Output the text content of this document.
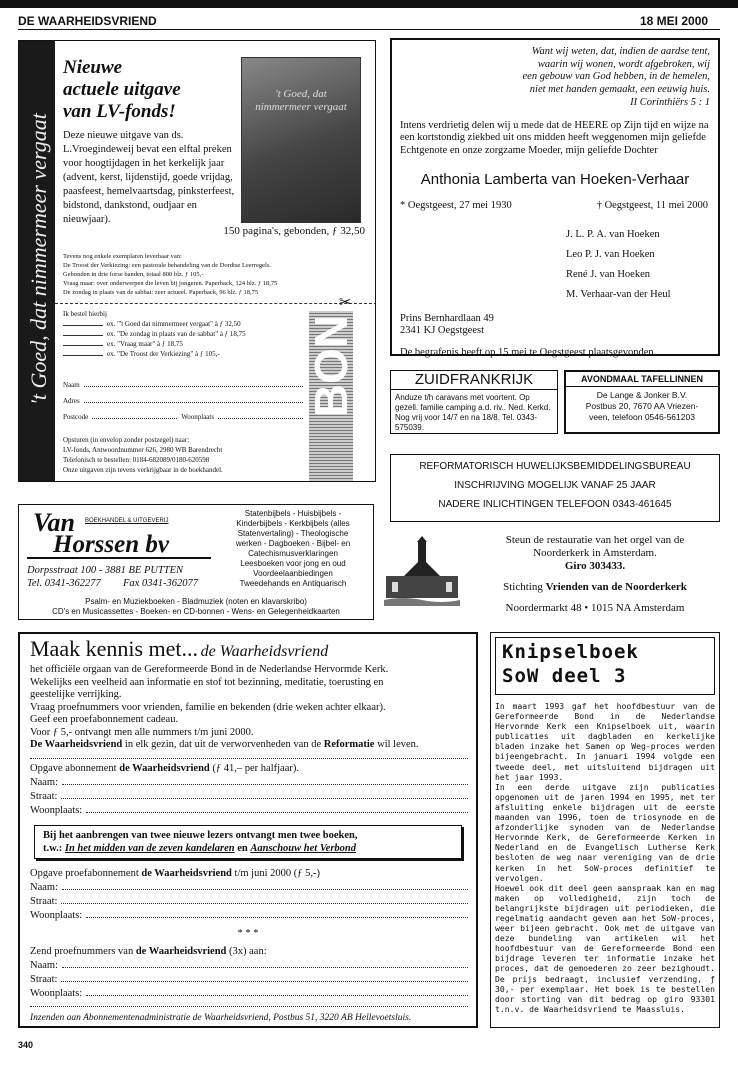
DE WAARHEIDSVRIEND	18 MEI 2000
't Goed, dat nimmermeer vergaat
Nieuwe
actuele uitgave
van LV-fonds!
't Goed, dat nimmermeer vergaat
Deze nieuwe uitgave van ds. L.Vroegindeweij bevat een elftal preken voor hoogtijdagen in het kerkelijk jaar (advent, kerst, lijdenstijd, goede vrijdag, paasfeest, hemelvaartsdag, pinksterfeest, bidstond, dankstond, oudjaar en nieuwjaar).
150 pagina's, gebonden, ƒ 32,50
Tevens nog enkele exemplaren leverbaar van:
De Troost der Verkiezing: een pastorale behandeling van de Dordtse Leerregels.
Gebonden in drie forse banden, totaal 800 blz. ƒ 105,-
Vraag maar: over onderwerpen die leven bij jongeren. Paperback, 124 blz. ƒ 18,75
De zondag in plaats van de sabbat: zeer actueel. Paperback, 96 blz. ƒ 18,75
✂
Ik bestel hierbij
ex. "'t Goed dat nimmermeer vergaat" à ƒ 32,50
ex. "De zondag in plaats van de sabbat" à ƒ 18,75
ex. "Vraag maar" à ƒ 18,75
ex. "De Troost der Verkiezing" à ƒ 105,-
Naam
Adres
Postcode	Woonplaats
Opsturen (in envelop zonder postzegel) naar:
LV-fonds, Antwoordnummer 626, 2980 WB Barendrecht
Telefonisch te bestellen: 0184-682089/0180-620598
Onze uitgaven zijn tevens verkrijgbaar in de boekhandel.
BON
Want wij weten, dat, indien de aardse tent,
waarin wij wonen, wordt afgebroken, wij
een gebouw van God hebben, in de hemelen,
niet met handen gemaakt, een eeuwig huis.
II Corinthiërs 5 : 1
Intens verdrietig delen wij u mede dat de HEERE op Zijn tijd en wijze na een kortstondig ziekbed uit ons midden heeft weggenomen mijn geliefde Echtgenote en onze zorgzame Moeder, mijn geliefde Dochter
Anthonia Lamberta van Hoeken-Verhaar
* Oegstgeest, 27 mei 1930	† Oegstgeest, 11 mei 2000
J. L. P. A. van Hoeken
Leo P. J. van Hoeken
René J. van Hoeken
M. Verhaar-van der Heul
Prins Bernhardlaan 49
2341 KJ Oegstgeest
De begrafenis heeft op 15 mei te Oegstgeest plaatsgevonden.
ZUIDFRANKRIJK
Anduze t/h caravans met voortent. Op gezell. familie camping a.d. riv.. Ned. Kerkd. Nog vrij voor 14/7 en na 18/8. Tel. 0343-575039.
AVONDMAAL TAFELLINNEN
De Lange & Jonker B.V.
Postbus 20, 7670 AA Vriezen-
veen, telefoon 0546-561203
REFORMATORISCH HUWELIJKSBEMIDDELINGSBUREAU
INSCHRIJVING MOGELIJK VANAF 25 JAAR
NADERE INLICHTINGEN TELEFOON 0343-461645
Van BOEKHANDEL & UITGEVERIJ
Horssen bv
Dorpsstraat 100 - 3881 BE PUTTEN
Tel. 0341-362277 Fax 0341-362077
Statenbijbels - Huisbijbels -
Kinderbijbels - Kerkbijbels (alles
Statenvertaling) - Theologische
werken - Dagboeken - Bijbel- en
Catechismusverklaringen
Leesboeken voor jong en oud
Voordeelaanbiedingen
Tweedehands en Antiquarisch
Psalm- en Muziekboeken - Bladmuziek (noten en klavarskribo)
CD's en Musicassettes - Boeken- en CD-bonnen - Wens- en Gelegenheidkaarten
Steun de restauratie van het orgel van de
Noorderkerk in Amsterdam.
Giro 303433.
Stichting Vrienden van de Noorderkerk
Noordermarkt 48 • 1015 NA Amsterdam
Maak kennis met... de Waarheidsvriend
het officiële orgaan van de Gereformeerde Bond in de Nederlandse Hervormde Kerk.
Wekelijks een veelheid aan informatie en stof tot bezinning, meditatie, toerusting en
geestelijke verrijking.
Vraag proefnummers voor vrienden, familie en bekenden (drie weken achter elkaar).
Geef een proefabonnement cadeau.
Voor ƒ 5,- ontvangt men alle nummers t/m juni 2000.
De Waarheidsvriend in elk gezin, dat uit de verworvenheden van de Reformatie wil leven.
Opgave abonnement de Waarheidsvriend (ƒ 41,– per halfjaar).
Naam:
Straat:
Woonplaats:
Bij het aanbrengen van twee nieuwe lezers ontvangt men twee boeken,
t.w.: In het midden van de zeven kandelaren en Aanschouw het Verbond
Opgave proefabonnement de Waarheidsvriend t/m juni 2000 (ƒ 5,-)
Naam:
Straat:
Woonplaats:
* * *
Zend proefnummers van de Waarheidsvriend (3x) aan:
Naam:
Straat:
Woonplaats:
Inzenden aan Abonnementenadministratie de Waarheidsvriend, Postbus 51, 3220 AB Hellevoetsluis.
Knipselboek
SoW deel 3

In maart 1993 gaf het hoofdbestuur van de Gereformeerde Bond in de Nederlandse Hervormde Kerk een Knipselboek uit, waarin publicaties uit dagbladen en kerkelijke bladen inzake het Samen op Weg-proces werden bijeengebracht. In januari 1994 volgde een tweede deel, met uitsluitend bijdragen uit het jaar 1993.

In een derde uitgave zijn publicaties opgenomen uit de jaren 1994 en 1995, met ter afsluiting enkele bijdragen uit de eerste maanden van 1996, toen de triosynode en de afzonderlijke synoden van de Nederlandse Hervormde Kerk, de Gereformeerde Kerken in Nederland en de Evangelisch Lutherse Kerk besloten de weg naar vereniging van de drie kerken in het SoW-proces definitief te vervolgen.

Hoewel ook dit deel geen aanspraak kan en mag maken op volledigheid, zijn toch de belangrijkste bijdragen uit periodieken, die regelmatig aandacht geven aan het SoW-proces, weer bijeen gebracht. Ook met de uitgave van deze bundeling van artikelen wil het hoofdbestuur van de Gereformeerde Bond een bijdrage leveren ter informatie inzake het proces, dat de gemoederen zo zeer bezighoudt. De prijs bedraagt, inclusief verzending, ƒ 30,- per exemplaar. Het boek is te bestellen door storting van dit bedrag op giro 93301 t.n.v. de Waarheidsvriend te Maassluis.

340
